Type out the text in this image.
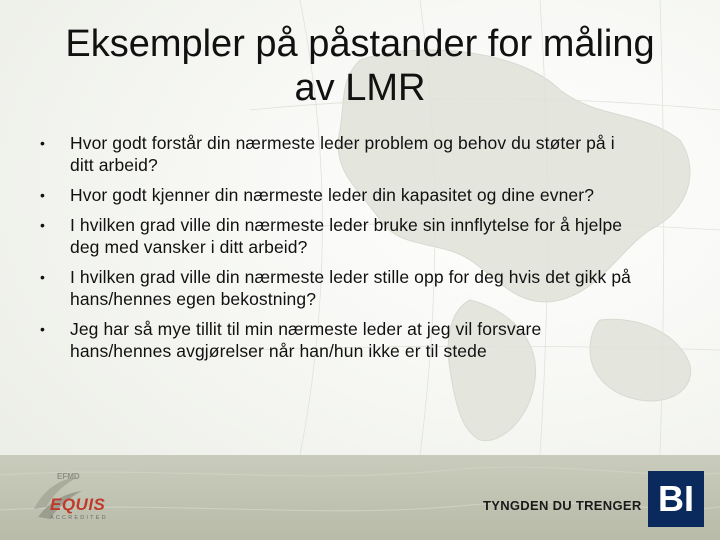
Eksempler på påstander for måling
av LMR
•	Hvor godt forstår din nærmeste leder problem og behov du støter på i ditt arbeid?
•	Hvor godt kjenner din nærmeste leder din kapasitet og dine evner?
•	I hvilken grad ville din nærmeste leder bruke sin innflytelse for å hjelpe deg med vansker i ditt arbeid?
•	I hvilken grad ville din nærmeste leder stille opp for deg hvis det gikk på hans/hennes egen bekostning?
•	Jeg har så mye tillit til min nærmeste leder at jeg vil forsvare hans/hennes avgjørelser når han/hun ikke er til stede
EFMD
EQUIS
ACCREDITED
TYNGDEN DU TRENGER BI
